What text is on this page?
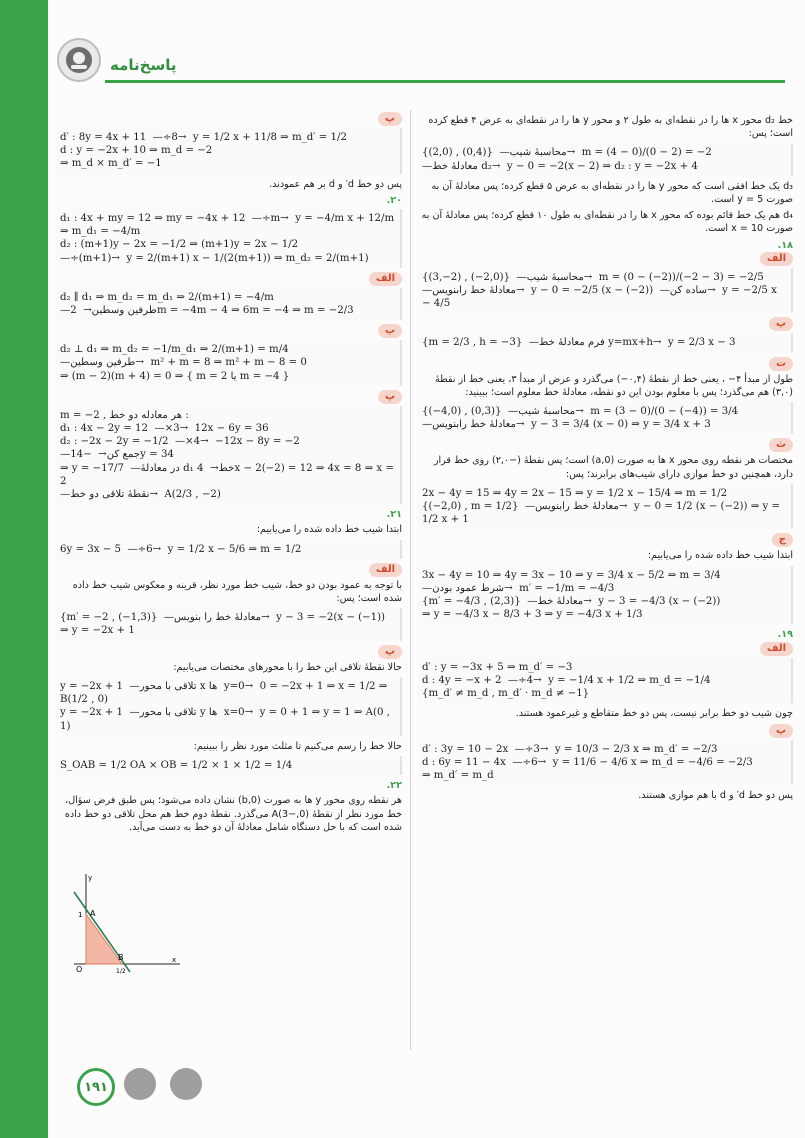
پاسخ‌نامه
خط d₂ محور x ها را در نقطه‌ای به طول ۲ و محور y ها را در نقطه‌ای به عرض ۴ قطع کرده است؛ پس:
{(2,0) , (0,4)}  —محاسبهٔ شیب→  m = (4 − 0)/(0 − 2) = −2
—معادلهٔ خط d₂→  y − 0 = −2(x − 2) ⇒ d₂ : y = −2x + 4
d₃ یک خط افقی است که محور y ها را در نقطه‌ای به عرض ۵ قطع کرده؛ پس معادلهٔ آن به صورت y = 5 است.
d₄ هم یک خط قائم بوده که محور x ها را در نقطه‌ای به طول ۱۰ قطع کرده؛ پس معادلهٔ آن به صورت x = 10 است.
۱۸.
الف
{(3,−2) , (−2,0)}  —محاسبهٔ شیب→  m = (0 − (−2))/(−2 − 3) = −2/5
—معادلهٔ خط رابنویس→  y − 0 = −2/5 (x − (−2))  —ساده کن→  y = −2/5 x − 4/5
پ
{m = 2/3 , h = −3}  —فرم معادلهٔ خط y=mx+h→  y = 2/3 x − 3
ت
طول از مبدأ ۴− ، یعنی خط از نقطهٔ (۰,۴−) می‌گذرد و عرض از مبدأ ۳، یعنی خط از نقطهٔ (۳,۰) هم می‌گذرد؛ پس با معلوم بودن این دو نقطه، معادلهٔ خط معلوم است؛ ببینید:
{(−4,0) , (0,3)}  —محاسبهٔ شیب→  m = (3 − 0)/(0 − (−4)) = 3/4
—معادلهٔ خط رابنویس→  y − 3 = 3/4 (x − 0) ⇒ y = 3/4 x + 3
ث
مختصات هر نقطه روی محور x ها به صورت (a,0) است؛ پس نقطهٔ (−۲,۰) روی خط قرار دارد، همچنین دو خط موازی دارای شیب‌های برابرند؛ پس:
2x − 4y = 15 ⇒ 4y = 2x − 15 ⇒ y = 1/2 x − 15/4 ⇒ m = 1/2
{(−2,0) , m = 1/2}  —معادلهٔ خط رابنویس→  y − 0 = 1/2 (x − (−2)) ⇒ y = 1/2 x + 1
ج
ابتدا شیب خط داده شده را می‌یابیم:
3x − 4y = 10 ⇒ 4y = 3x − 10 ⇒ y = 3/4 x − 5/2 ⇒ m = 3/4
—شرط عمود بودن→  m′ = −1/m = −4/3
{m′ = −4/3 , (2,3)}  —معادلهٔ خط→  y − 3 = −4/3 (x − (−2))
⇒ y = −4/3 x − 8/3 + 3 ⇒ y = −4/3 x + 1/3
۱۹.
الف
d′ : y = −3x + 5 ⇒ m_d′ = −3
d : 4y = −x + 2  —÷4→  y = −1/4 x + 1/2 ⇒ m_d = −1/4
{m_d′ ≠ m_d , m_d′ · m_d ≠ −1}
چون شیب دو خط برابر نیست، پس دو خط متقاطع و غیرعمود هستند.
پ
d′ : 3y = 10 − 2x  —÷3→  y = 10/3 − 2/3 x ⇒ m_d′ = −2/3
d : 6y = 11 − 4x  —÷6→  y = 11/6 − 4/6 x ⇒ m_d = −4/6 = −2/3
⇒ m_d′ = m_d
پس دو خط d′ و d با هم موازی هستند.
پ
d′ : 8y = 4x + 11  —÷8→  y = 1/2 x + 11/8 ⇒ m_d′ = 1/2
d : y = −2x + 10 ⇒ m_d = −2
⇒ m_d × m_d′ = −1
پس دو خط d′ و d بر هم عمودند.
۲۰.
d₁ : 4x + my = 12 ⇒ my = −4x + 12  —÷m→  y = −4/m x + 12/m
⇒ m_d₁ = −4/m
d₂ : (m+1)y − 2x = −1/2 ⇒ (m+1)y = 2x − 1/2
—÷(m+1)→  y = 2/(m+1) x − 1/(2(m+1)) ⇒ m_d₂ = 2/(m+1)
الف
d₂ ∥ d₁ ⇒ m_d₂ = m_d₁ ⇒ 2/(m+1) = −4/m
—طرفین وسطین→  2m = −4m − 4 ⇒ 6m = −4 ⇒ m = −2/3
پ
d₂ ⊥ d₁ ⇒ m_d₂ = −1/m_d₁ ⇒ 2/(m+1) = m/4
—طرفین وسطین→  m² + m = 8 ⇒ m² + m − 8 = 0
⇒ (m − 2)(m + 4) = 0 ⇒ { m = 2 یا m = −4 }
پ
m = −2 , هر معادله دو خط :
d₁ : 4x − 2y = 12  —×3→  12x − 6y = 36
d₂ : −2x − 2y = −1/2  —×4→  −12x − 8y = −2
—جمع کن→  −14y = 34
⇒ y = −17/7  —در معادلهٔ d₁ خط→  4x − 2(−2) = 12 ⇒ 4x = 8 ⇒ x = 2
—نقطهٔ تلاقی دو خط→  A(2/3 , −2)
۲۱.
ابتدا شیب خط داده شده را می‌یابیم:
6y = 3x − 5  —÷6→  y = 1/2 x − 5/6 ⇒ m = 1/2
الف
با توجه به عمود بودن دو خط، شیب خط مورد نظر، قرینه و معکوس شیب خط داده شده است؛ پس:
{m′ = −2 , (−1,3)}  —معادلهٔ خط را بنویس→  y − 3 = −2(x − (−1)) ⇒ y = −2x + 1
پ
حالا نقطهٔ تلاقی این خط را با محورهای مختصات می‌یابیم:
y = −2x + 1  —تلاقی با محور x ها  y=0→  0 = −2x + 1 ⇒ x = 1/2 ⇒ B(1/2 , 0)
y = −2x + 1  —تلاقی با محور y ها  x=0→  y = 0 + 1 ⇒ y = 1 ⇒ A(0 , 1)
حالا خط را رسم می‌کنیم تا مثلث مورد نظر را ببینیم:
S_OAB = 1/2 OA × OB = 1/2 × 1 × 1/2 = 1/4
۲۲.
هر نقطه روی محور y ها به صورت (0,b) نشان داده می‌شود؛ پس طبق فرض سؤال، خط مورد نظر از نقطهٔ (0,−3)A می‌گذرد. نقطهٔ دوم خط هم محل تلاقی دو خط داده شده است که با حل دستگاه شامل معادلهٔ آن دو خط به دست می‌آید.
y
x
A
B
O
1
1/2
۱۹۱
